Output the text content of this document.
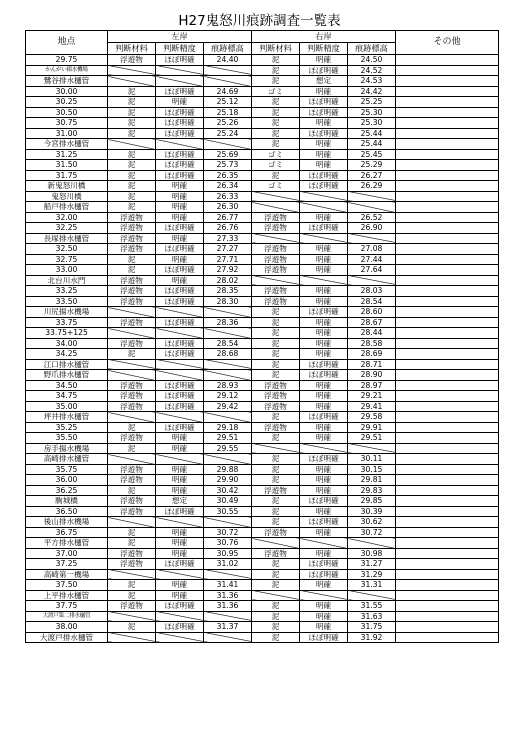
H27鬼怒川痕跡調査一覧表
地点	左岸			右岸			その他
	判断材料	判断精度	痕跡標高	判断材料	判断精度	痕跡標高	
29.75	浮遊物	ほぼ明確	24.40	泥	明確	24.50	
かんがい揚水機場				泥	ほぼ明確	24.52	
鷺谷排水樋管				泥	想定	24.53	
30.00	泥	ほぼ明確	24.69	ゴミ	明確	24.42	
30.25	泥	明確	25.12	泥	ほぼ明確	25.25	
30.50	泥	ほぼ明確	25.18	泥	ほぼ明確	25.30	
30.75	泥	ほぼ明確	25.26	泥	明確	25.30	
31.00	泥	ほぼ明確	25.24	泥	ほぼ明確	25.44	
今宮排水樋管				泥	明確	25.44	
31.25	泥	ほぼ明確	25.69	ゴミ	明確	25.45	
31.50	泥	ほぼ明確	25.73	ゴミ	明確	25.29	
31.75	泥	ほぼ明確	26.35	泥	ほぼ明確	26.27	
新鬼怒川橋	泥	明確	26.34	ゴミ	ほぼ明確	26.29	
鬼怒川橋	泥	明確	26.33				
船戸排水樋管	泥	明確	26.30				
32.00	浮遊物	明確	26.77	浮遊物	明確	26.52	
32.25	浮遊物	ほぼ明確	26.76	浮遊物	ほぼ明確	26.90	
長塚排水樋管	浮遊物	明確	27.33				
32.50	浮遊物	ほぼ明確	27.27	浮遊物	明確	27.08	
32.75	泥	明確	27.71	浮遊物	明確	27.44	
33.00	泥	ほぼ明確	27.92	浮遊物	明確	27.64	
北台川水門	浮遊物	明確	28.02				
33.25	浮遊物	ほぼ明確	28.35	浮遊物	明確	28.03	
33.50	浮遊物	ほぼ明確	28.30	浮遊物	明確	28.54	
川尻揚水機場				泥	ほぼ明確	28.60	
33.75	浮遊物	ほぼ明確	28.36	泥	明確	28.67	
33.75+125				泥	明確	28.44	
34.00	浮遊物	ほぼ明確	28.54	泥	明確	28.58	
34.25	泥	ほぼ明確	28.68	泥	明確	28.69	
江口排水樋管				泥	ほぼ明確	28.71	
野爪排水樋管				泥	ほぼ明確	28.90	
34.50	浮遊物	ほぼ明確	28.93	浮遊物	明確	28.97	
34.75	浮遊物	ほぼ明確	29.12	浮遊物	明確	29.21	
35.00	浮遊物	ほぼ明確	29.42	浮遊物	明確	29.41	
坪井排水樋管				泥	ほぼ明確	29.58	
35.25	泥	ほぼ明確	29.18	浮遊物	明確	29.91	
35.50	浮遊物	明確	29.51	泥	明確	29.51	
房手揚水機場	泥	明確	29.55				
高崎排水樋管				泥	ほぼ明確	30.11	
35.75	浮遊物	明確	29.88	泥	明確	30.15	
36.00	浮遊物	明確	29.90	泥	明確	29.81	
36.25	泥	明確	30.42	浮遊物	明確	29.83	
駒城橋	浮遊物	想定	30.49	泥	ほぼ明確	29.85	
36.50	浮遊物	ほぼ明確	30.55	泥	明確	30.39	
後山排水機場				泥	ほぼ明確	30.62	
36.75	泥	明確	30.72	浮遊物	明確	30.72	
平方排水樋管	泥	明確	30.76				
37.00	浮遊物	明確	30.95	浮遊物	明確	30.98	
37.25	浮遊物	ほぼ明確	31.02	泥	ほぼ明確	31.27	
高崎第一機場				泥	ほぼ明確	31.29	
37.50	泥	明確	31.41	泥	明確	31.31	
上平排水樋管	泥	明確	31.36				
37.75	浮遊物	ほぼ明確	31.36	泥	明確	31.55	
大渡戸第二排水樋管				泥	明確	31.63	
38.00	泥	ほぼ明確	31.37	泥	明確	31.75	
大渡戸排水樋管				泥	ほぼ明確	31.92	
